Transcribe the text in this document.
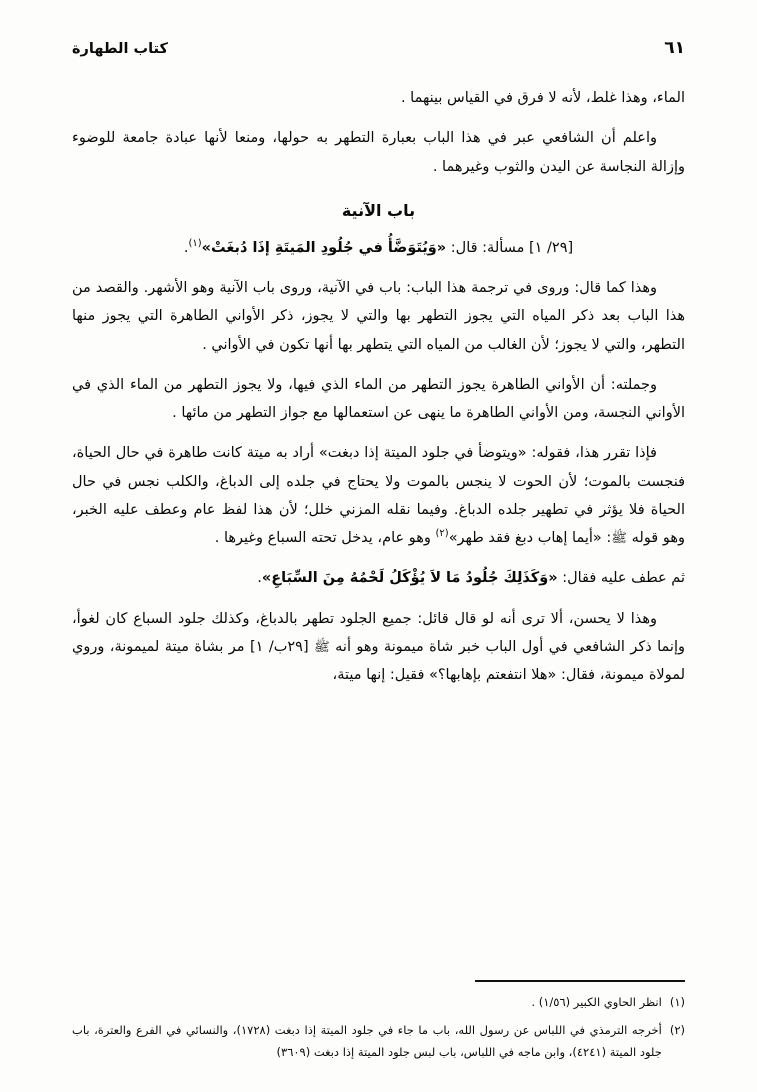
كتاب الطهارة	٦١

الماء، وهذا غلط، لأنه لا فرق في القياس بينهما .

واعلم أن الشافعي عبر في هذا الباب بعبارة التطهر به حولها، ومنعا لأنها عبادة جامعة للوضوء وإزالة النجاسة عن اليدن والثوب وغيرهما .

باب الآنية

[٢٩/ ١] مسألة: قال: «وَيُتَوَضَّأُ في جُلُودِ المَيتَةِ إذَا دُبغَتْ»$^{(١)}$.

وهذا كما قال: وروى في ترجمة هذا الباب: باب في الآنية، وروى باب الآنية وهو الأشهر. والقصد من هذا الباب بعد ذكر المياه التي يجوز التطهر بها والتي لا يجوز، ذكر الأواني الطاهرة التي يجوز منها التطهر، والتي لا يجوز؛ لأن الغالب من المياه التي يتطهر بها أنها تكون في الأواني .

وجملته: أن الأواني الطاهرة يجوز التطهر من الماء الذي فيها، ولا يجوز التطهر من الماء الذي في الأواني النجسة، ومن الأواني الطاهرة ما ينهى عن استعمالها مع جواز التطهر من مائها .

فإذا تقرر هذا، فقوله: «ويتوضأ في جلود الميتة إذا دبغت» أراد به ميتة كانت طاهرة في حال الحياة، فنجست بالموت؛ لأن الحوت لا ينجس بالموت ولا يحتاج في جلده إلى الدباغ، والكلب نجس في حال الحياة فلا يؤثر في تطهير جلده الدباغ. وفيما نقله المزني خلل؛ لأن هذا لفظ عام وعطف عليه الخبر، وهو قوله ﷺ: «أيما إهاب دبغ فقد طهر»$^{(٢)}$ وهو عام، يدخل تحته السباع وغيرها .

ثم عطف عليه فقال: «وَكَذَلِكَ جُلُودُ مَا لاَ يُؤْكَلُ لَحْمُهُ مِنَ السِّبَاعِ».

وهذا لا يحسن، ألا ترى أنه لو قال قائل: جميع الجلود تطهر بالدباغ، وكذلك جلود السباع كان لغوأ، وإنما ذكر الشافعي في أول الباب خبر شاة ميمونة وهو أنه ﷺ [٢٩ب/ ١] مر بشاة ميتة لميمونة، وروي لمولاة ميمونة، فقال: «هلا انتفعتم بإهابها؟» فقيل: إنها ميتة،

(١)
انظر الحاوي الكبير (١/٥٦) .
(٢)
أخرجه الترمذي في اللباس عن رسول الله، باب ما جاء في جلود الميتة إذا دبغت (١٧٢٨)، والنسائي في الفرع والعترة، باب جلود الميتة (٤٢٤١)، وابن ماجه في اللباس، باب لبس جلود الميتة إذا دبغت (٣٦٠٩)
